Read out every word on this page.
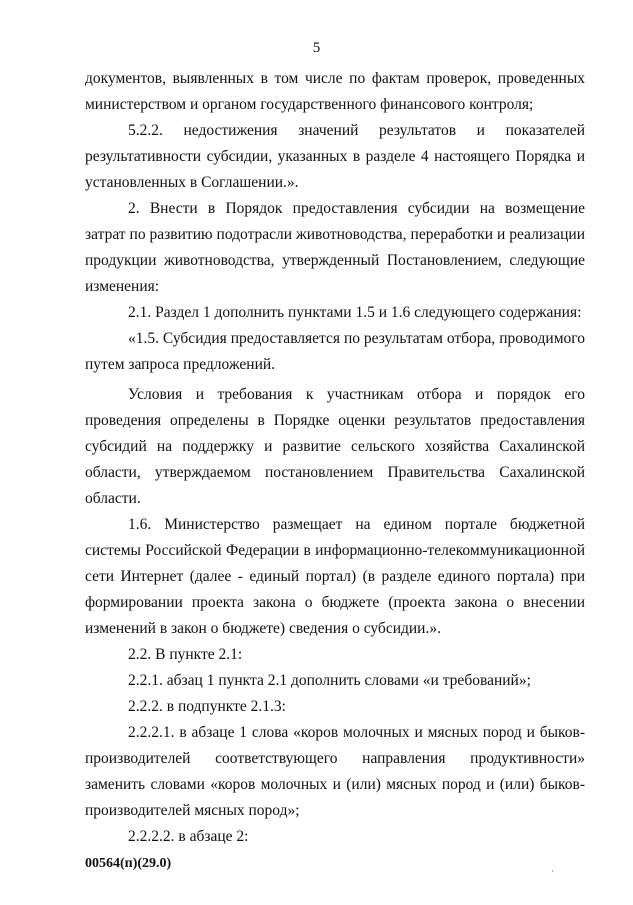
5

документов, выявленных в том числе по фактам проверок, проведенных министерством и органом государственного финансового контроля;

5.2.2. недостижения значений результатов и показателей результативности субсидии, указанных в разделе 4 настоящего Порядка и установленных в Соглашении.».

2. Внести в Порядок предоставления субсидии на возмещение затрат по развитию подотрасли животноводства, переработки и реализации продукции животноводства, утвержденный Постановлением, следующие изменения:

2.1. Раздел 1 дополнить пунктами 1.5 и 1.6 следующего содержания:

«1.5. Субсидия предоставляется по результатам отбора, проводимого путем запроса предложений.

Условия и требования к участникам отбора и порядок его проведения определены в Порядке оценки результатов предоставления субсидий на поддержку и развитие сельского хозяйства Сахалинской области, утверждаемом постановлением Правительства Сахалинской области.

1.6. Министерство размещает на едином портале бюджетной системы Российской Федерации в информационно-телекоммуникационной сети Интернет (далее - единый портал) (в разделе единого портала) при формировании проекта закона о бюджете (проекта закона о внесении изменений в закон о бюджете) сведения о субсидии.».

2.2. В пункте 2.1:

2.2.1. абзац 1 пункта 2.1 дополнить словами «и требований»;

2.2.2. в подпункте 2.1.3:

2.2.2.1. в абзаце 1 слова «коров молочных и мясных пород и быков-производителей соответствующего направления продуктивности» заменить словами «коров молочных и (или) мясных пород и (или) быков-производителей мясных пород»;

2.2.2.2. в абзаце 2:

00564(п)(29.0)	·
